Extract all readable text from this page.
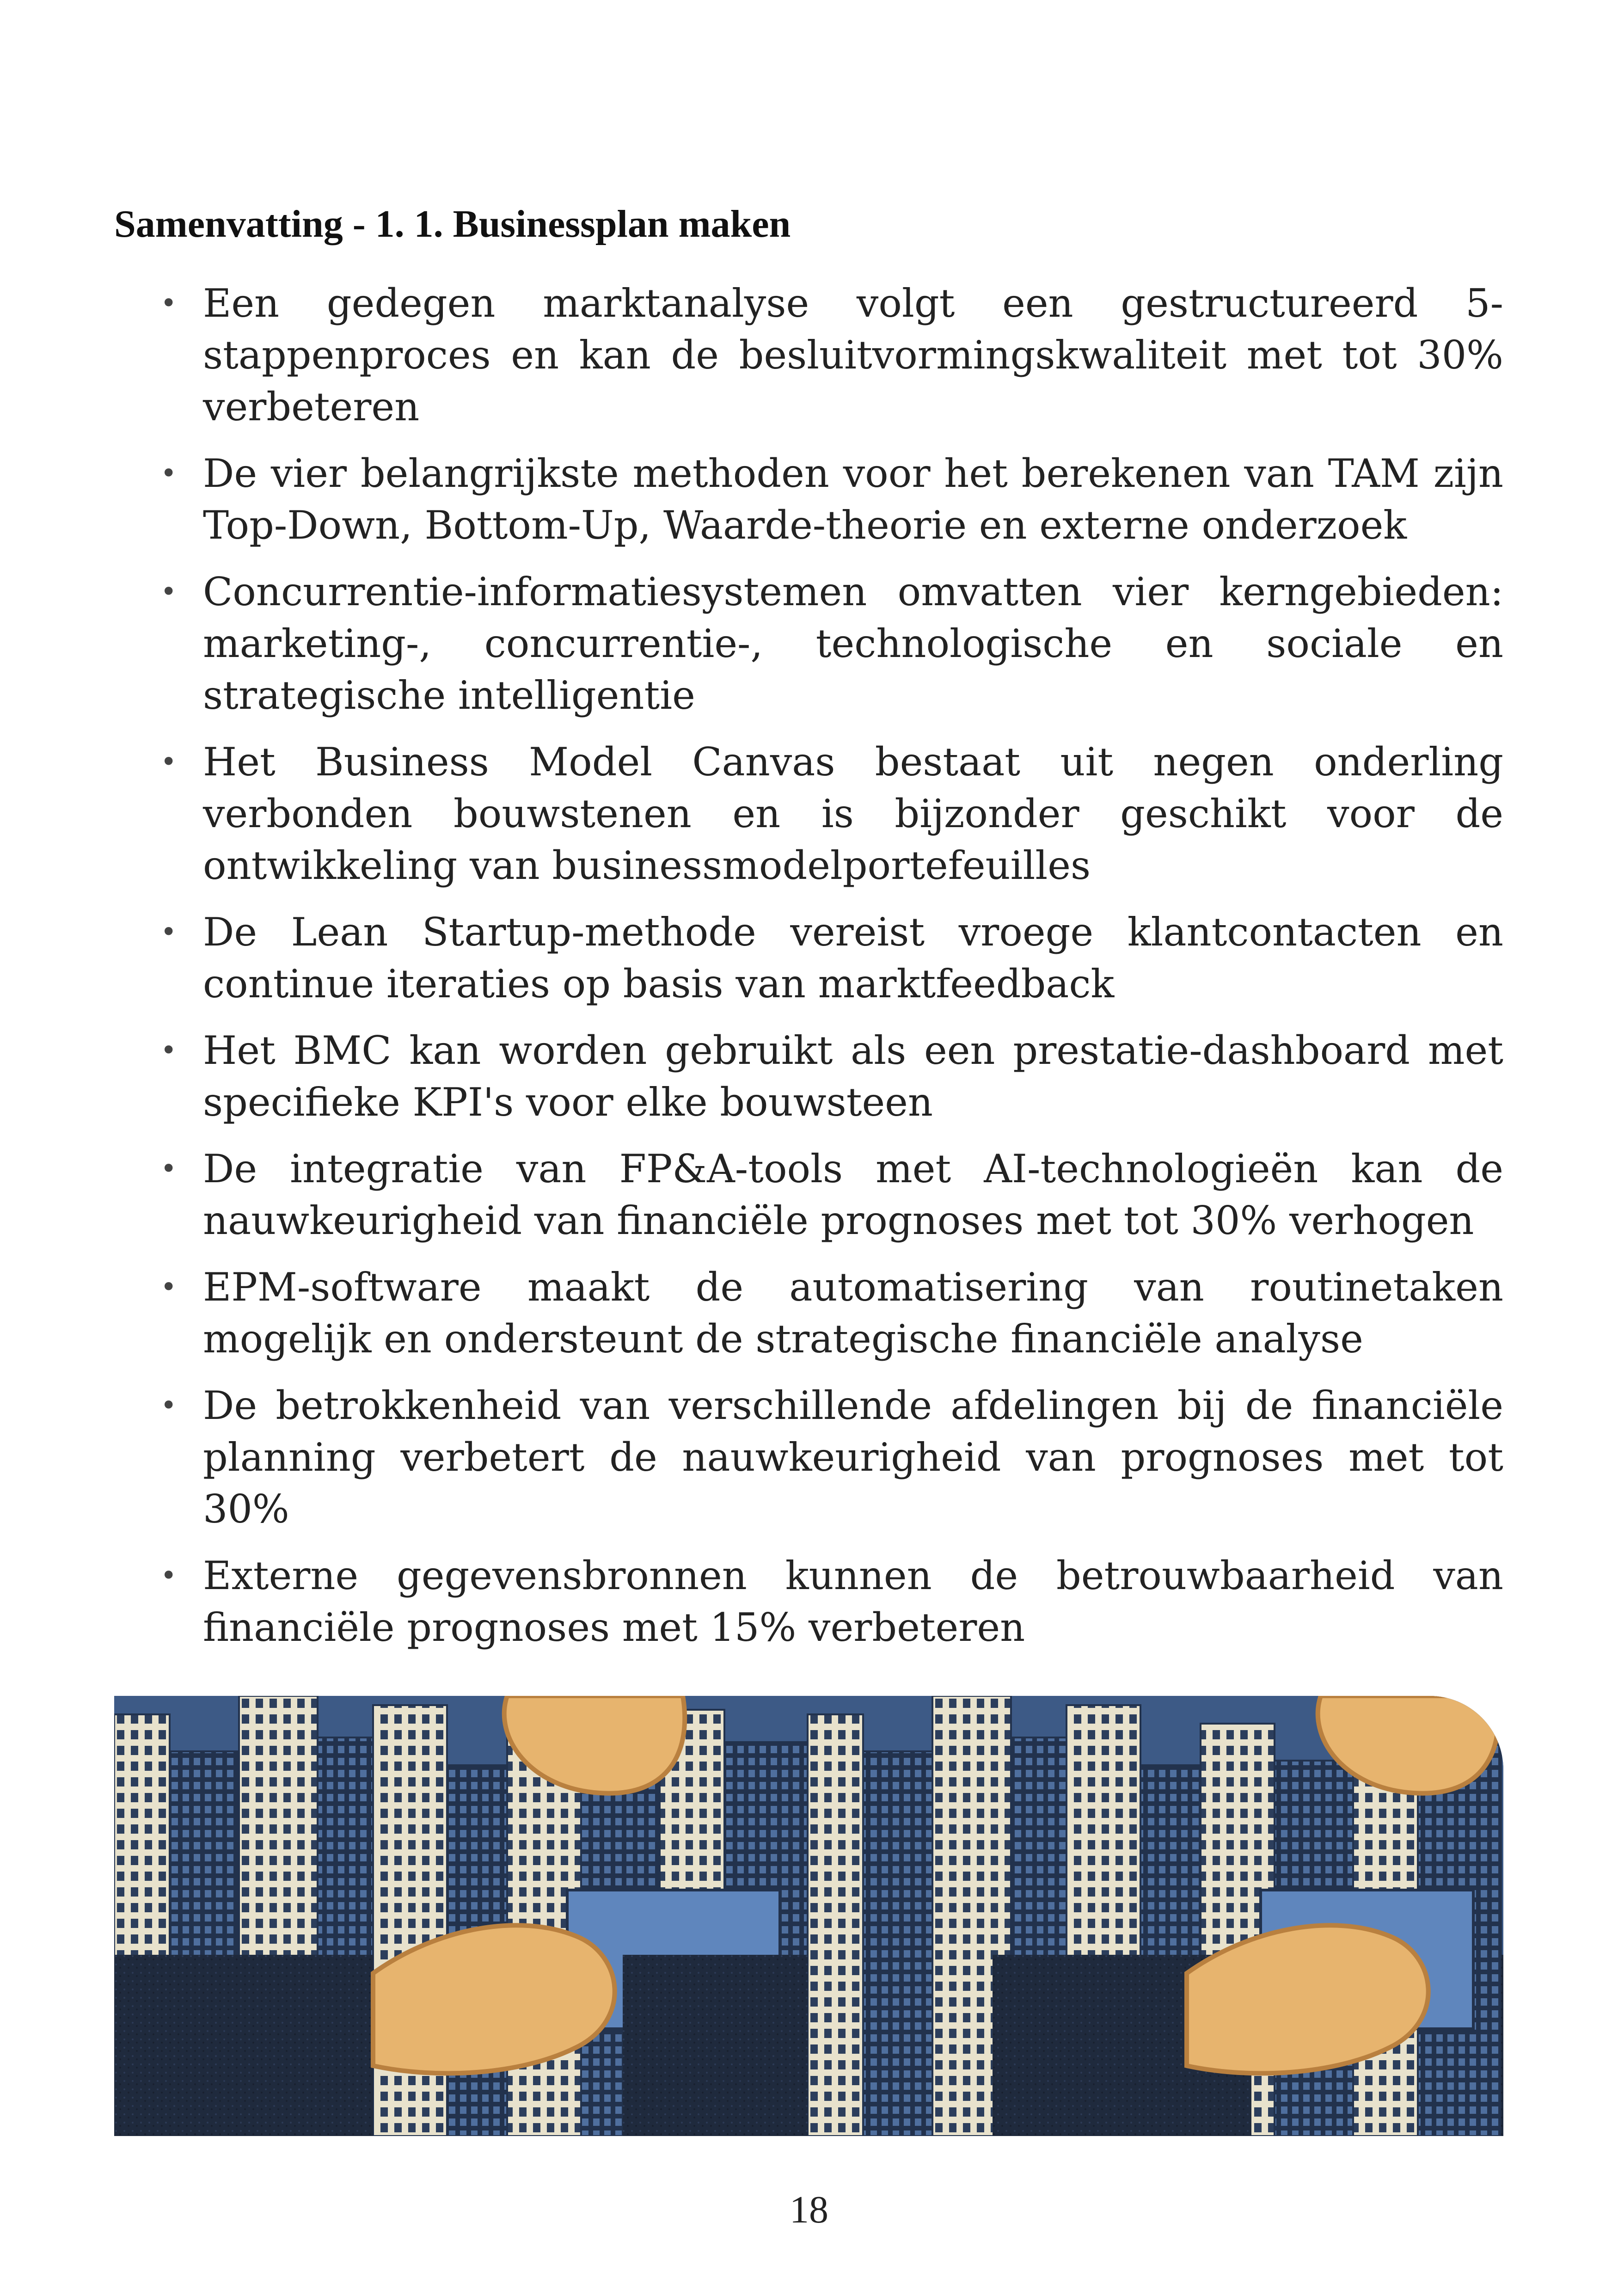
Samenvatting - 1. 1. Businessplan maken
• Een gedegen marktanalyse volgt een gestructureerd 5-stappenproces en kan de besluitvormingskwaliteit met tot 30% verbeteren
• De vier belangrijkste methoden voor het berekenen van TAM zijn Top-Down, Bottom-Up, Waarde-theorie en externe onderzoek
• Concurrentie-informatiesystemen omvatten vier kerngebieden: marketing-, concurrentie-, technologische en sociale en strategische intelligentie
• Het Business Model Canvas bestaat uit negen onderling verbonden bouwstenen en is bijzonder geschikt voor de ontwikkeling van businessmodelportefeuilles
• De Lean Startup-methode vereist vroege klantcontacten en continue iteraties op basis van marktfeedback
• Het BMC kan worden gebruikt als een prestatie-dashboard met specifieke KPI's voor elke bouwsteen
• De integratie van FP&A-tools met AI-technologieën kan de nauwkeurigheid van financiële prognoses met tot 30% verhogen
• EPM-software maakt de automatisering van routinetaken mogelijk en ondersteunt de strategische financiële analyse
• De betrokkenheid van verschillende afdelingen bij de financiële planning verbetert de nauwkeurigheid van prognoses met tot 30%
• Externe gegevensbronnen kunnen de betrouwbaarheid van financiële prognoses met 15% verbeteren
18
